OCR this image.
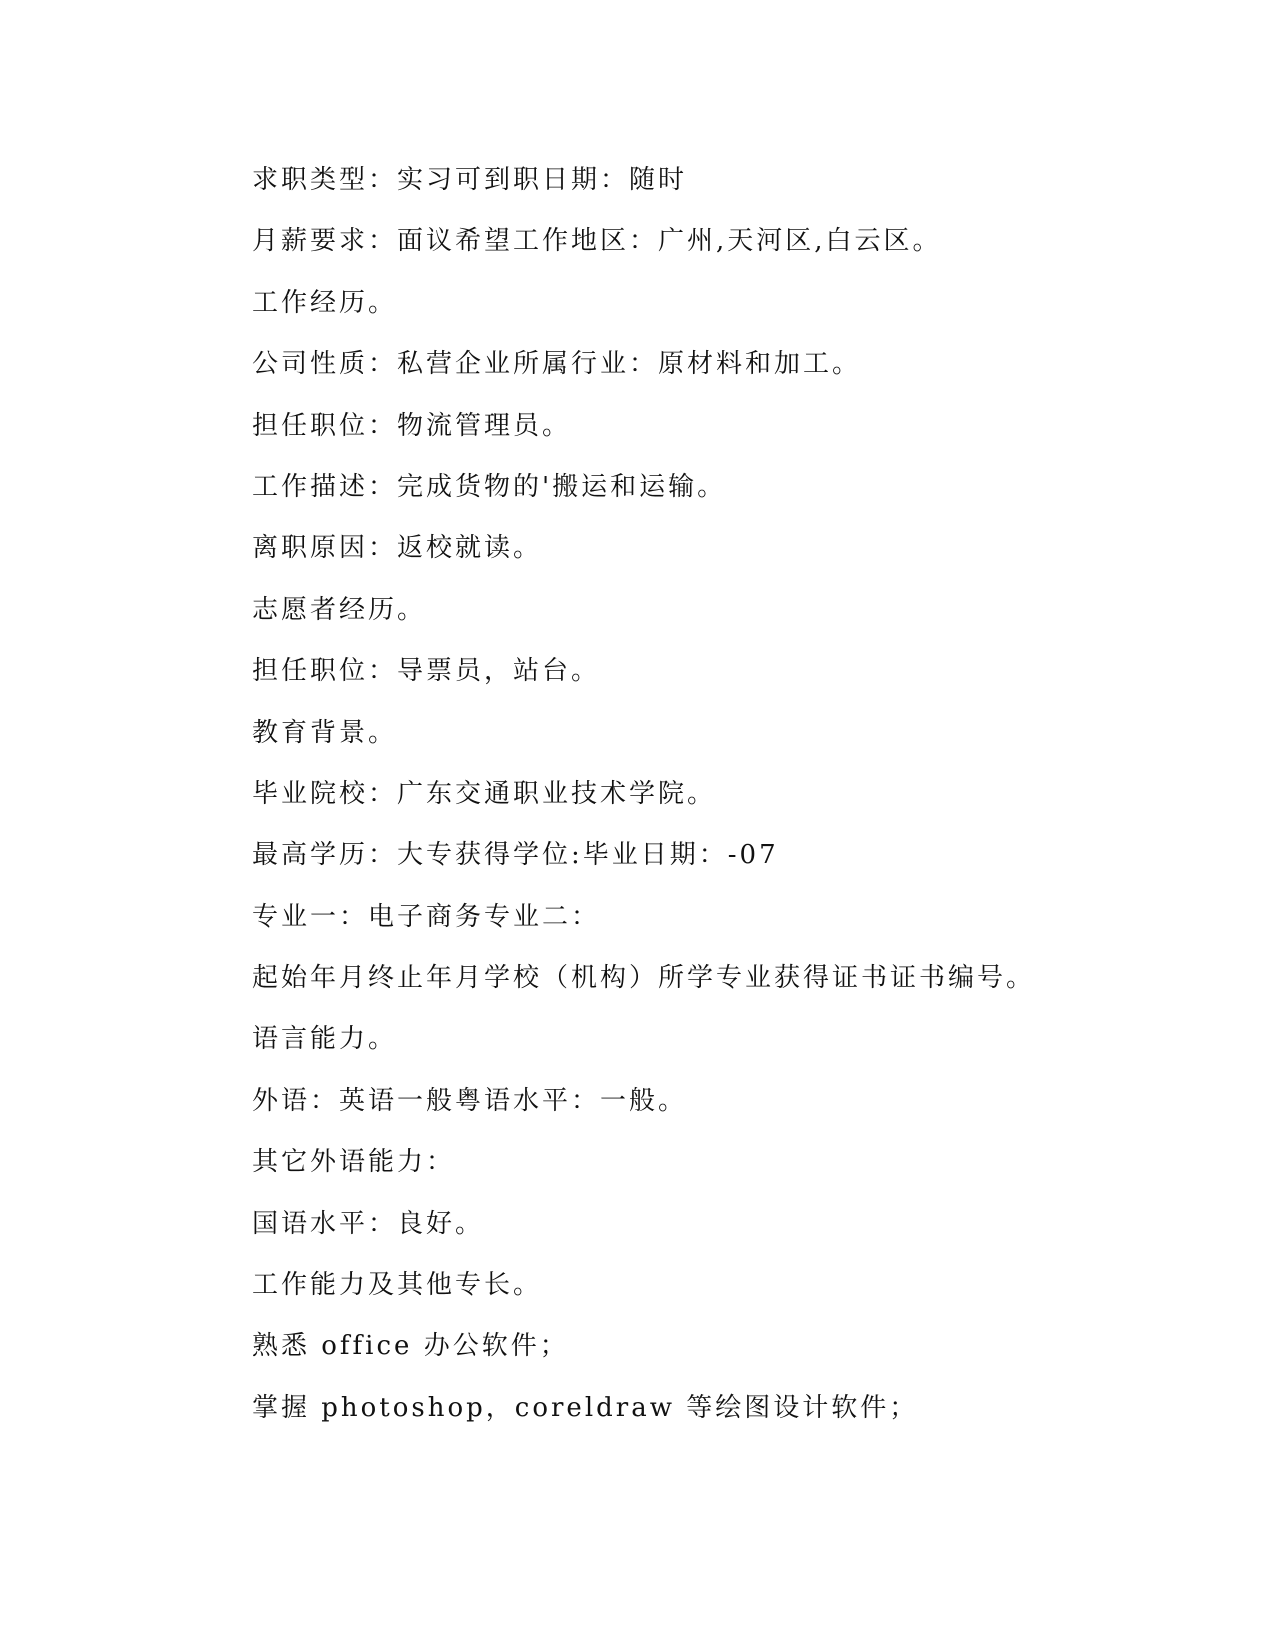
求职类型：实习可到职日期：随时
月薪要求：面议希望工作地区：广州,天河区,白云区。
工作经历。
公司性质：私营企业所属行业：原材料和加工。
担任职位：物流管理员。
工作描述：完成货物的'搬运和运输。
离职原因：返校就读。
志愿者经历。
担任职位：导票员，站台。
教育背景。
毕业院校：广东交通职业技术学院。
最高学历：大专获得学位:毕业日期：-07
专业一：电子商务专业二：
起始年月终止年月学校（机构）所学专业获得证书证书编号。
语言能力。
外语：英语一般粤语水平：一般。
其它外语能力：
国语水平：良好。
工作能力及其他专长。
熟悉 office 办公软件；
掌握 photoshop，coreldraw 等绘图设计软件；
